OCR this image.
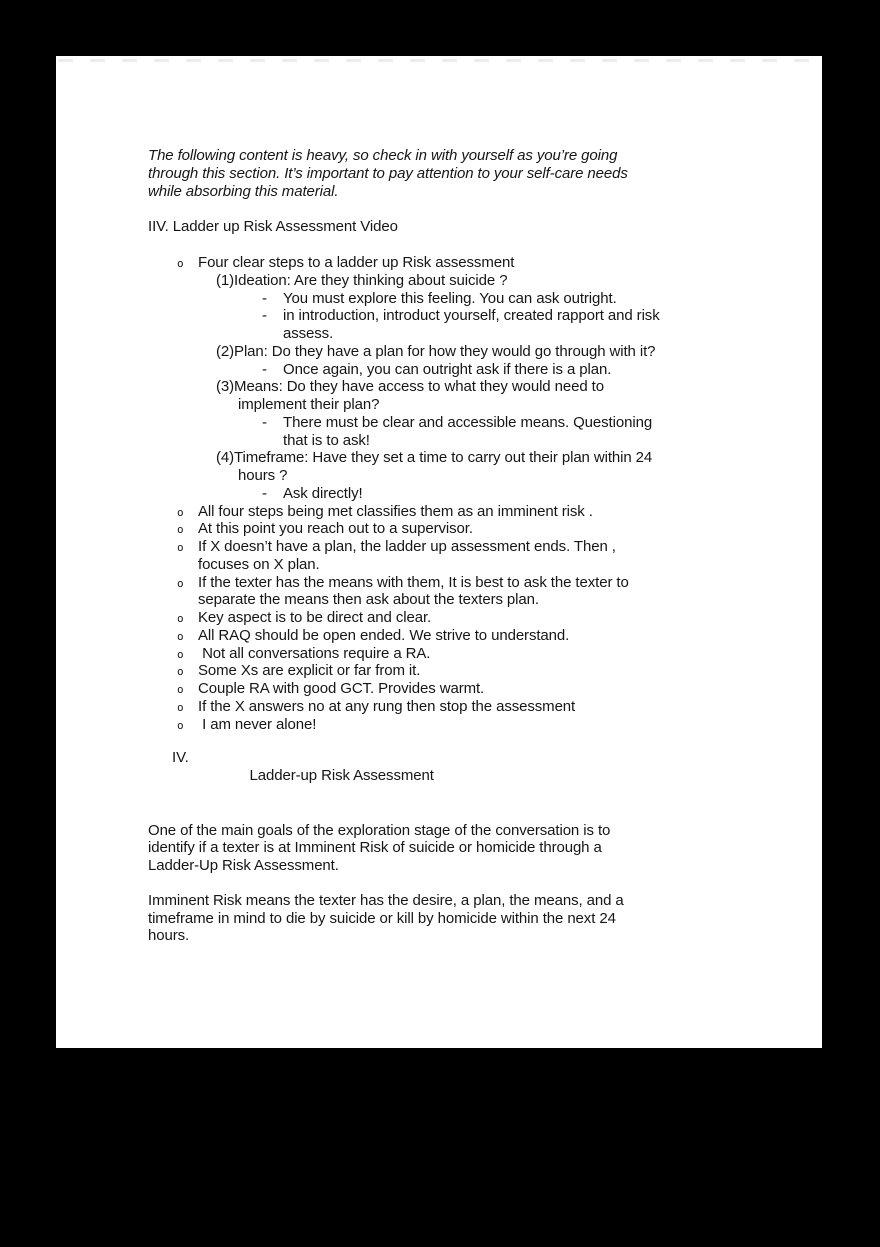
The following content is heavy, so check in with yourself as you’re going
through this section. It’s important to pay attention to your self-care needs
while absorbing this material.
IIV. Ladder up Risk Assessment Video
o Four clear steps to a ladder up Risk assessment
(1)Ideation: Are they thinking about suicide ?
- You must explore this feeling. You can ask outright.
- in introduction, introduct yourself, created rapport and risk
assess.
(2)Plan: Do they have a plan for how they would go through with it?
- Once again, you can outright ask if there is a plan.
(3)Means: Do they have access to what they would need to
implement their plan?
- There must be clear and accessible means. Questioning
that is to ask!
(4)Timeframe: Have they set a time to carry out their plan within 24
hours ?
- Ask directly!
o All four steps being met classifies them as an imminent risk .
o At this point you reach out to a supervisor.
o If X doesn’t have a plan, the ladder up assessment ends. Then ,
focuses on X plan.
o If the texter has the means with them, It is best to ask the texter to
separate the means then ask about the texters plan.
o Key aspect is to be direct and clear.
o All RAQ should be open ended. We strive to understand.
o Not all conversations require a RA.
o Some Xs are explicit or far from it.
o Couple RA with good GCT. Provides warmt.
o If the X answers no at any rung then stop the assessment
o I am never alone!

IV.
Ladder-up Risk Assessment

One of the main goals of the exploration stage of the conversation is to
identify if a texter is at Imminent Risk of suicide or homicide through a
Ladder-Up Risk Assessment.
Imminent Risk means the texter has the desire, a plan, the means, and a
timeframe in mind to die by suicide or kill by homicide within the next 24
hours.
